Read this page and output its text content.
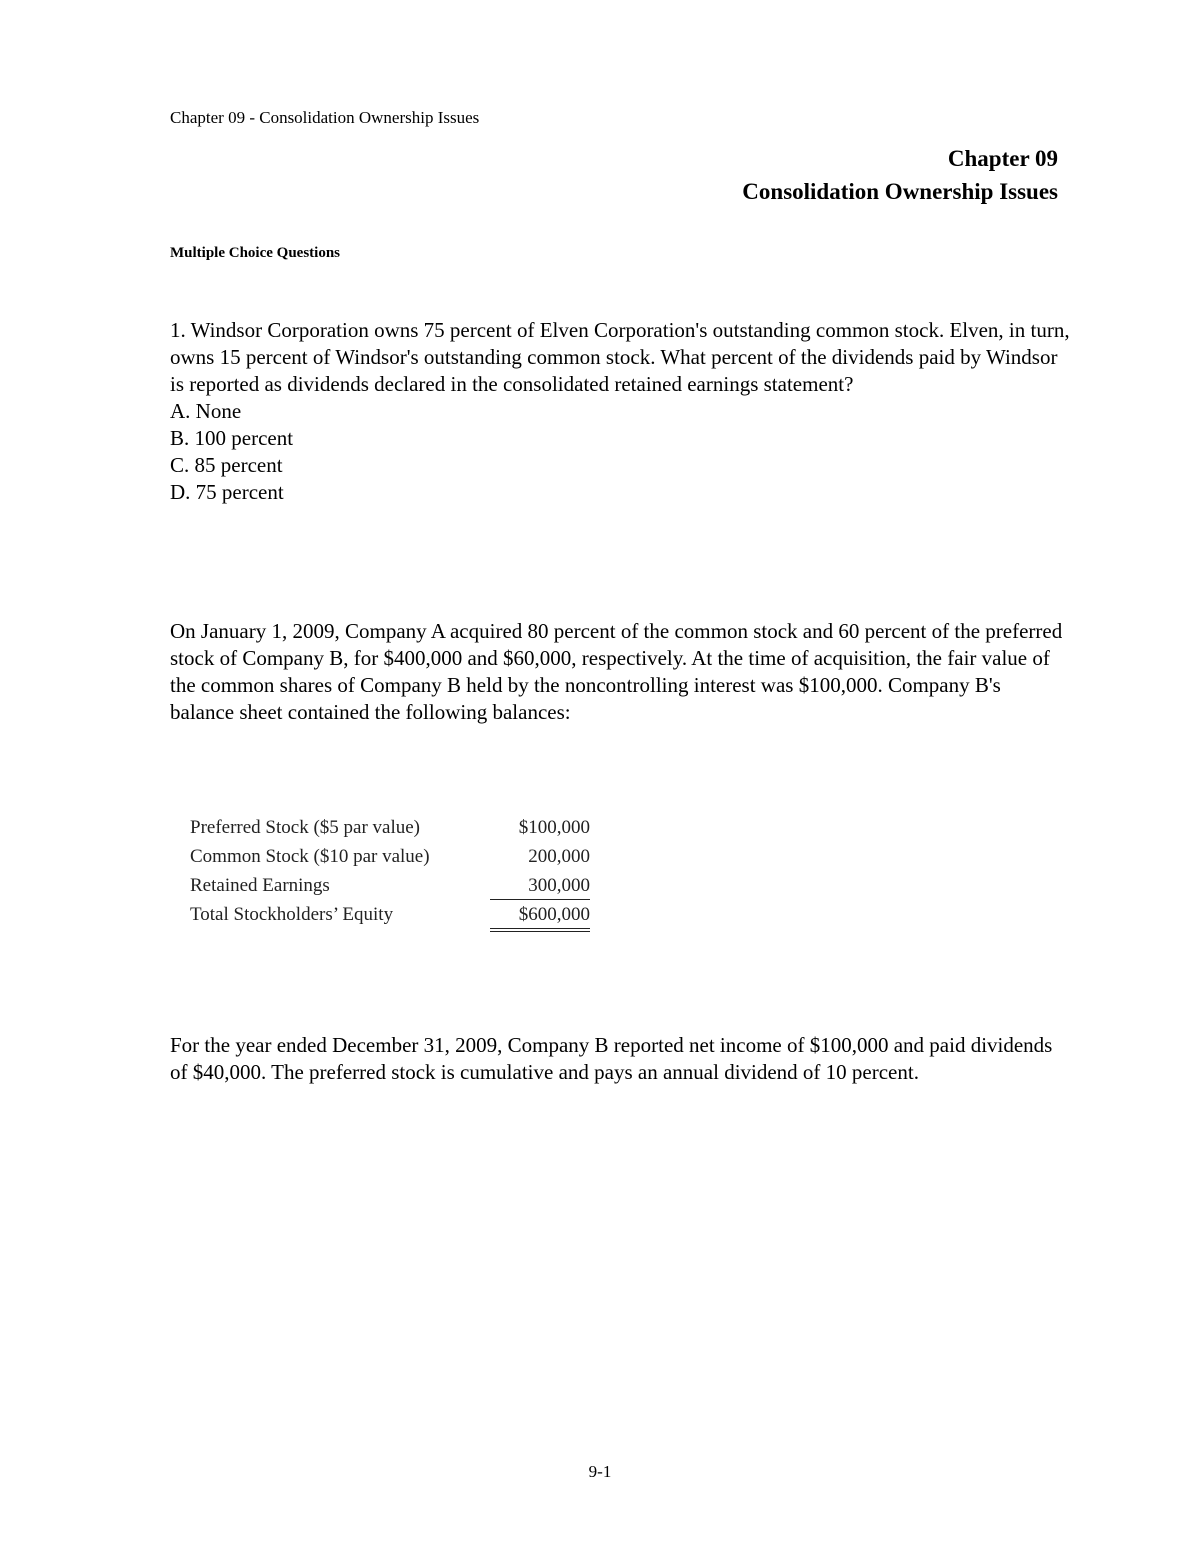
Chapter 09 - Consolidation Ownership Issues
Chapter 09
Consolidation Ownership Issues
Multiple Choice Questions

1. Windsor Corporation owns 75 percent of Elven Corporation's outstanding common stock. Elven, in turn, owns 15 percent of Windsor's outstanding common stock. What percent of the dividends paid by Windsor is reported as dividends declared in the consolidated retained earnings statement?

A. None
B. 100 percent
C. 85 percent
D. 75 percent

On January 1, 2009, Company A acquired 80 percent of the common stock and 60 percent of the preferred stock of Company B, for $400,000 and $60,000, respectively. At the time of acquisition, the fair value of the common shares of Company B held by the noncontrolling interest was $100,000. Company B's balance sheet contained the following balances:

Preferred Stock ($5 par value)	$100,000
Common Stock ($10 par value)	200,000
Retained Earnings	300,000
Total Stockholders’ Equity	$600,000

For the year ended December 31, 2009, Company B reported net income of $100,000 and paid dividends of $40,000. The preferred stock is cumulative and pays an annual dividend of 10 percent.

9-1
